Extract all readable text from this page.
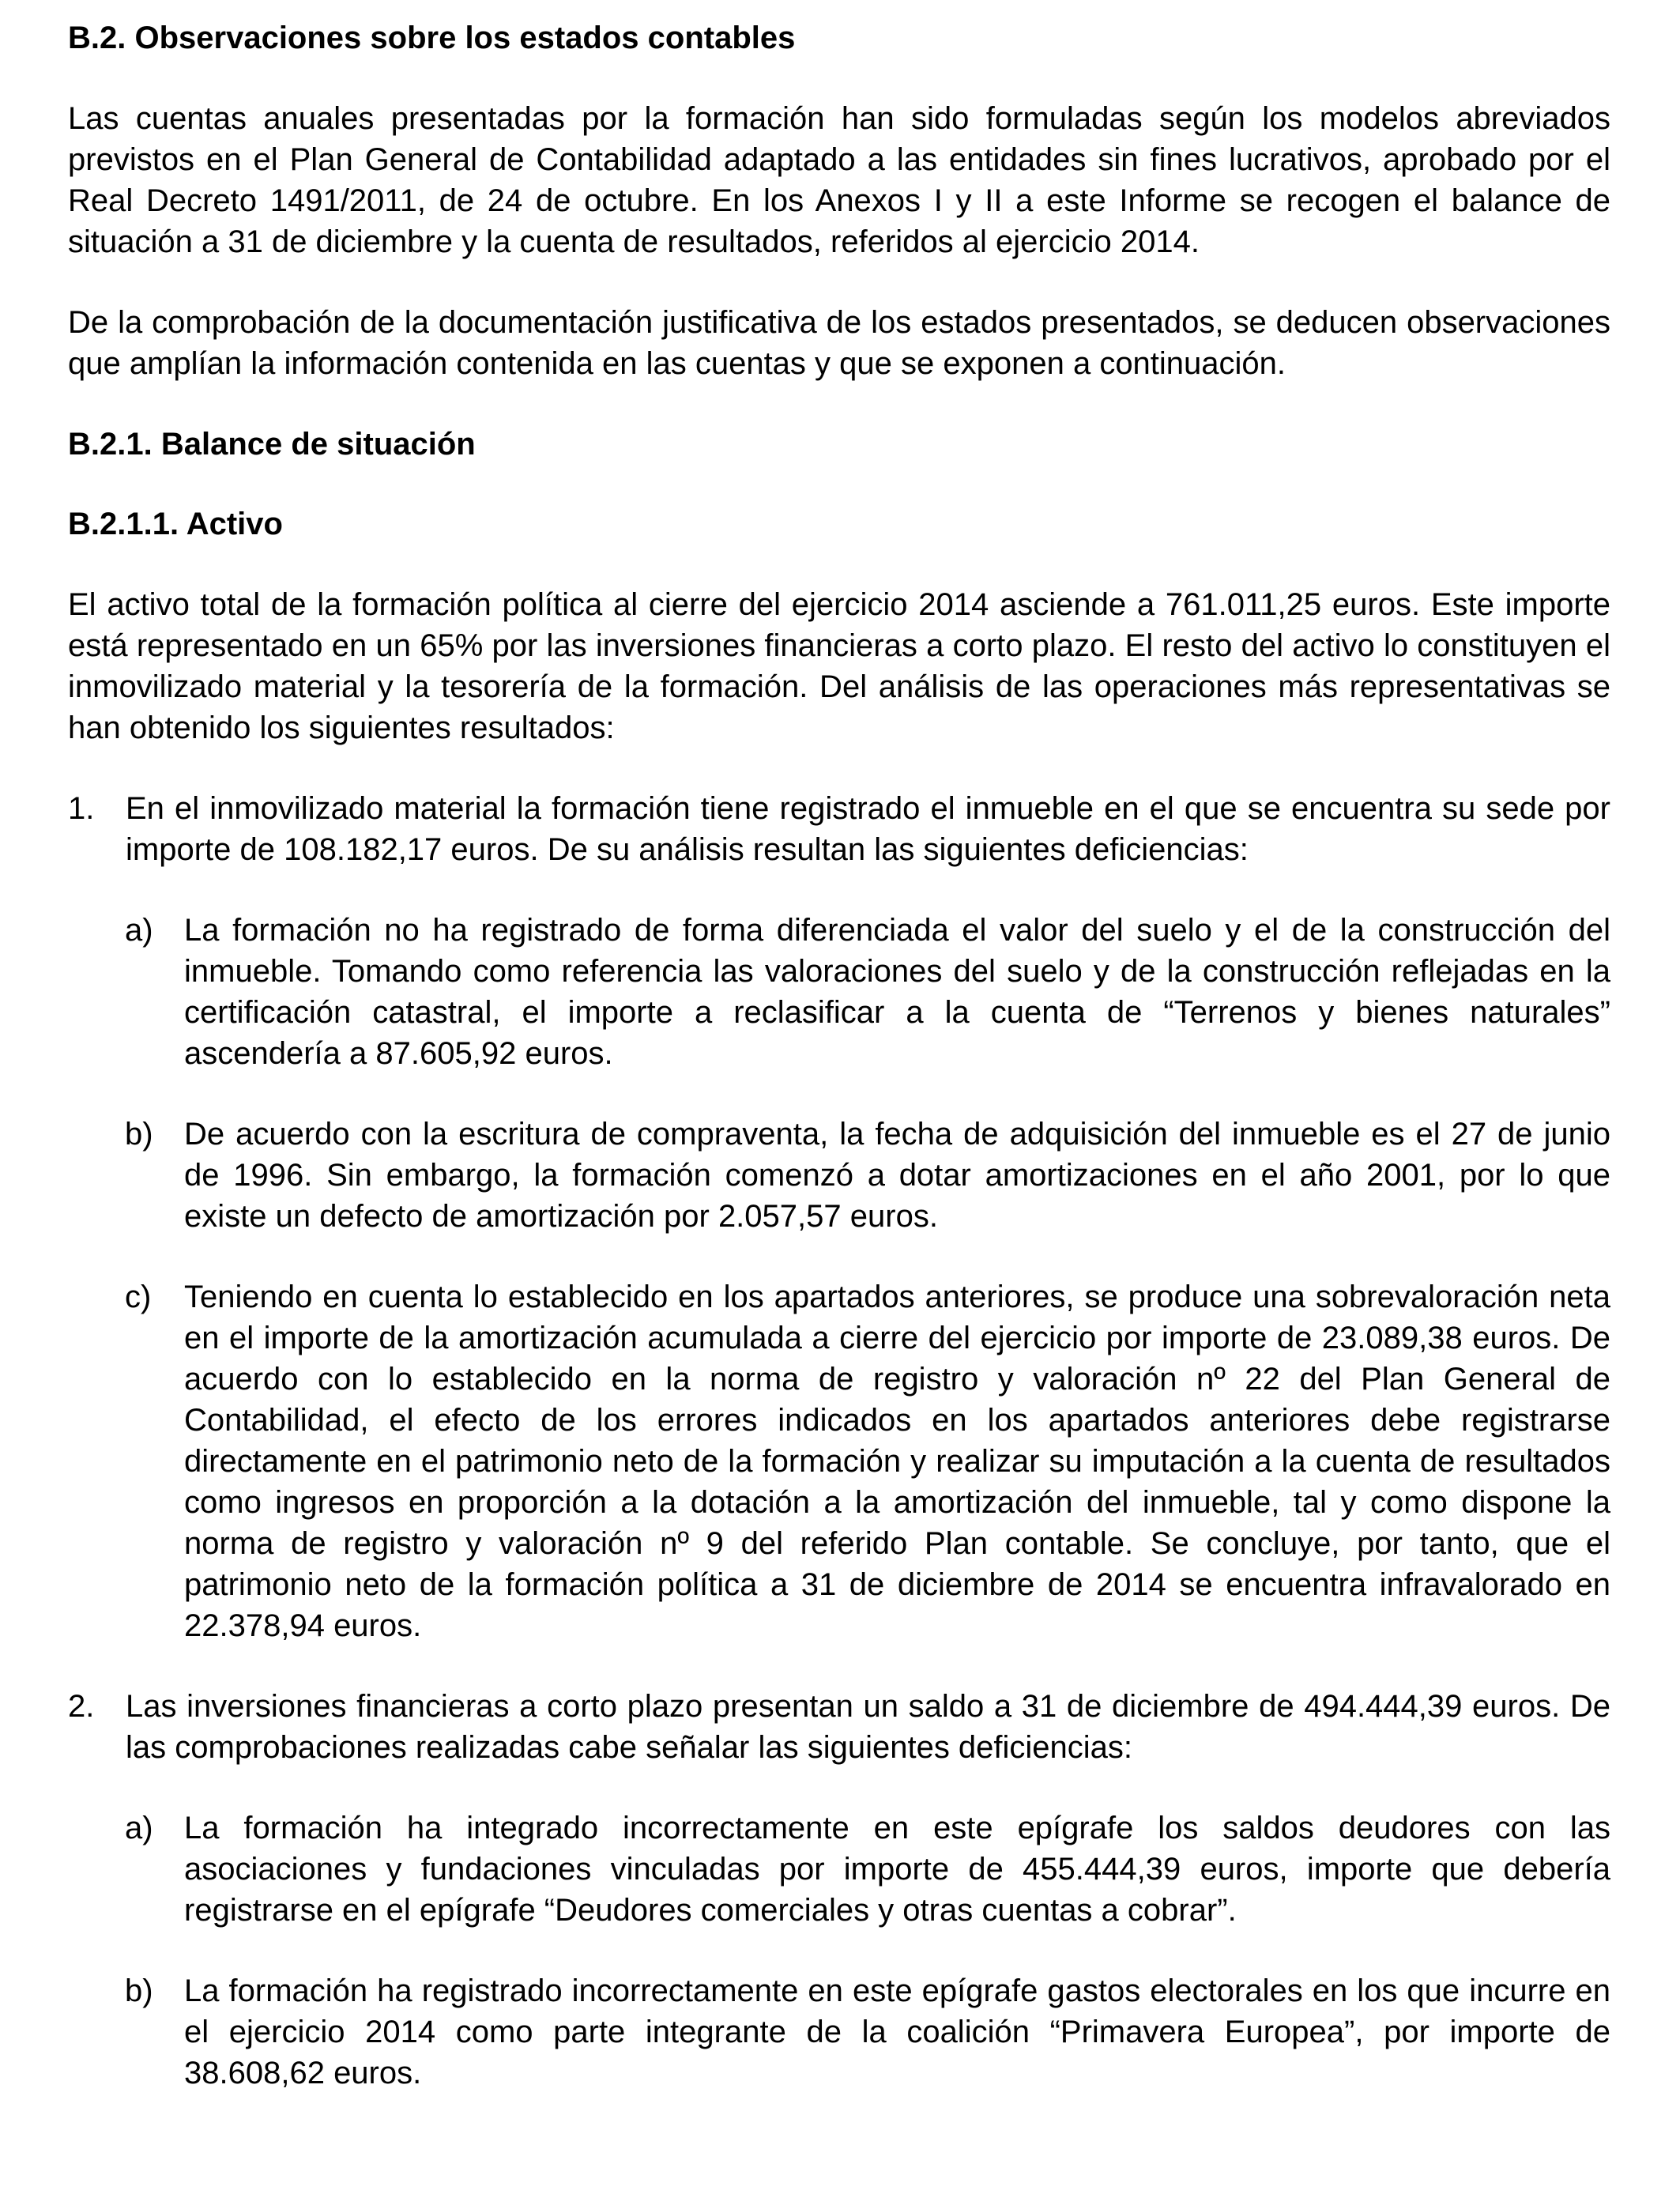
B.2. Observaciones sobre los estados contables

Las cuentas anuales presentadas por la formación han sido formuladas según los modelos abreviados previstos en el Plan General de Contabilidad adaptado a las entidades sin fines lucrativos, aprobado por el Real Decreto 1491/2011, de 24 de octubre. En los Anexos I y II a este Informe se recogen el balance de situación a 31 de diciembre y la cuenta de resultados, referidos al ejercicio 2014.

De la comprobación de la documentación justificativa de los estados presentados, se deducen observaciones que amplían la información contenida en las cuentas y que se exponen a continuación.

B.2.1. Balance de situación
B.2.1.1. Activo

El activo total de la formación política al cierre del ejercicio 2014 asciende a 761.011,25 euros. Este importe está representado en un 65% por las inversiones financieras a corto plazo. El resto del activo lo constituyen el inmovilizado material y la tesorería de la formación. Del análisis de las operaciones más representativas se han obtenido los siguientes resultados:

1. En el inmovilizado material la formación tiene registrado el inmueble en el que se encuentra su sede por importe de 108.182,17 euros. De su análisis resultan las siguientes deficiencias:
a) La formación no ha registrado de forma diferenciada el valor del suelo y el de la construcción del inmueble. Tomando como referencia las valoraciones del suelo y de la construcción reflejadas en la certificación catastral, el importe a reclasificar a la cuenta de “Terrenos y bienes naturales” ascendería a 87.605,92 euros.
b) De acuerdo con la escritura de compraventa, la fecha de adquisición del inmueble es el 27 de junio de 1996. Sin embargo, la formación comenzó a dotar amortizaciones en el año 2001, por lo que existe un defecto de amortización por 2.057,57 euros.
c) Teniendo en cuenta lo establecido en los apartados anteriores, se produce una sobrevaloración neta en el importe de la amortización acumulada a cierre del ejercicio por importe de 23.089,38 euros. De acuerdo con lo establecido en la norma de registro y valoración nº 22 del Plan General de Contabilidad, el efecto de los errores indicados en los apartados anteriores debe registrarse directamente en el patrimonio neto de la formación y realizar su imputación a la cuenta de resultados como ingresos en proporción a la dotación a la amortización del inmueble, tal y como dispone la norma de registro y valoración nº 9 del referido Plan contable. Se concluye, por tanto, que el patrimonio neto de la formación política a 31 de diciembre de 2014 se encuentra infravalorado en 22.378,94 euros.
2. Las inversiones financieras a corto plazo presentan un saldo a 31 de diciembre de 494.444,39 euros. De las comprobaciones realizadas cabe señalar las siguientes deficiencias:
a) La formación ha integrado incorrectamente en este epígrafe los saldos deudores con las asociaciones y fundaciones vinculadas por importe de 455.444,39 euros, importe que debería registrarse en el epígrafe “Deudores comerciales y otras cuentas a cobrar”.
b) La formación ha registrado incorrectamente en este epígrafe gastos electorales en los que incurre en el ejercicio 2014 como parte integrante de la coalición “Primavera Europea”, por importe de 38.608,62 euros.
